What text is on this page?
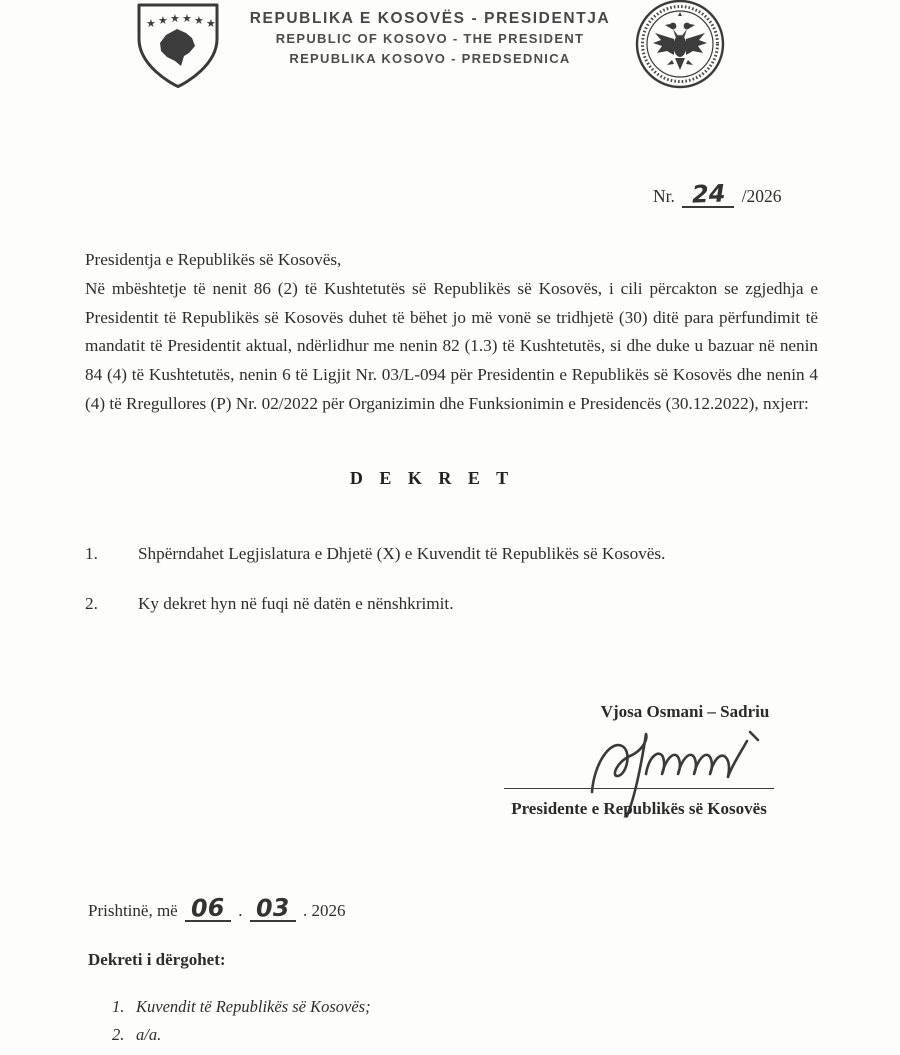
★ ★ ★ ★ ★ ★	REPUBLIKA E KOSOVËS - PRESIDENTJA
REPUBLIC OF KOSOVO - THE PRESIDENT
REPUBLIKA KOSOVO - PREDSEDNICA
Nr. 24 /2026
Presidentja e Republikës së Kosovës,
Në mbështetje të nenit 86 (2) të Kushtetutës së Republikës së Kosovës, i cili përcakton se zgjedhja e Presidentit të Republikës së Kosovës duhet të bëhet jo më vonë se tridhjetë (30) ditë para përfundimit të mandatit të Presidentit aktual, ndërlidhur me nenin 82 (1.3) të Kushtetutës, si dhe duke u bazuar në nenin 84 (4) të Kushtetutës, nenin 6 të Ligjit Nr. 03/L-094 për Presidentin e Republikës së Kosovës dhe nenin 4 (4) të Rregullores (P) Nr. 02/2022 për Organizimin dhe Funksionimin e Presidencës (30.12.2022), nxjerr:
D E K R E T
1. Shpërndahet Legjislatura e Dhjetë (X) e Kuvendit të Republikës së Kosovës.
2. Ky dekret hyn në fuqi në datën e nënshkrimit.
Vjosa Osmani – Sadriu
Presidente e Republikës së Kosovës
Prishtinë, më 06 . 03 . 2026
Dekreti i dërgohet:
1. Kuvendit të Republikës së Kosovës;
2. a/a.
